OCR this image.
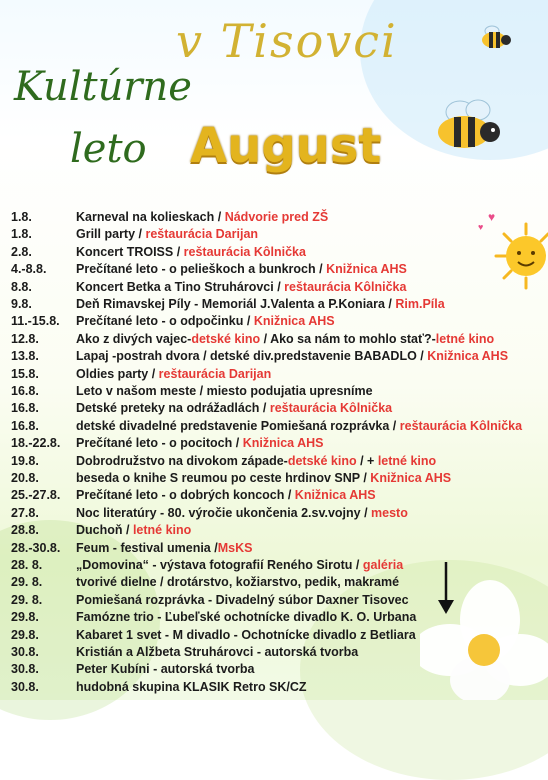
♥
♥
v Tisovci
Kultúrne
leto August
1.8.	Karneval na kolieskach / Nádvorie pred ZŠ
1.8.	Grill party / reštaurácia Darijan
2.8.	Koncert TROISS / reštaurácia Kôlnička
4.-8.8. Prečítané leto - o pelieškoch a bunkroch / Knižnica AHS
8.8.	Koncert Betka a Tino Struhárovci / reštaurácia Kôlnička
9.8.	Deň Rimavskej Píly - Memoriál J.Valenta a P.Koniara / Rim.Píla
11.-15.8. Prečítané leto - o odpočinku / Knižnica AHS
12.8.	Ako z divých vajec-detské kino / Ako sa nám to mohlo stať?-letné kino
13.8.	Lapaj -postrah dvora / detské div.predstavenie BABADLO / Knižnica AHS
15.8.	Oldies party / reštaurácia Darijan
16.8.	Leto v našom meste / miesto podujatia upresníme
16.8.	Detské preteky na odrážadlách / reštaurácia Kôlnička
16.8.	detské divadelné predstavenie Pomiešaná rozprávka / reštaurácia Kôlnička
18.-22.8. Prečítané leto - o pocitoch / Knižnica AHS
19.8.	Dobrodružstvo na divokom západe-detské kino / + letné kino
20.8.	beseda o knihe S reumou po ceste hrdinov SNP / Knižnica AHS
25.-27.8. Prečítané leto - o dobrých koncoch / Knižnica AHS
27.8.	Noc literatúry - 80. výročie ukončenia 2.sv.vojny / mesto
28.8.	Duchoň / letné kino
28.-30.8. Feum - festival umenia /MsKS
28. 8.	„Domovina“ - výstava fotografií Reného Sirotu / galéria
29. 8.	tvorivé dielne / drotárstvo, kožiarstvo, pedik, makramé
29. 8.	Pomiešaná rozprávka - Divadelný súbor Daxner Tisovec
29.8.	Famózne trio - Ľubeľské ochotnícke divadlo K. O. Urbana
29.8.	Kabaret 1 svet - M divadlo - Ochotnícke divadlo z Betliara
30.8.	Kristián a Alžbeta Struhárovci - autorská tvorba
30.8.	Peter Kubíni - autorská tvorba
30.8.	hudobná skupina KLASIK Retro SK/CZ
